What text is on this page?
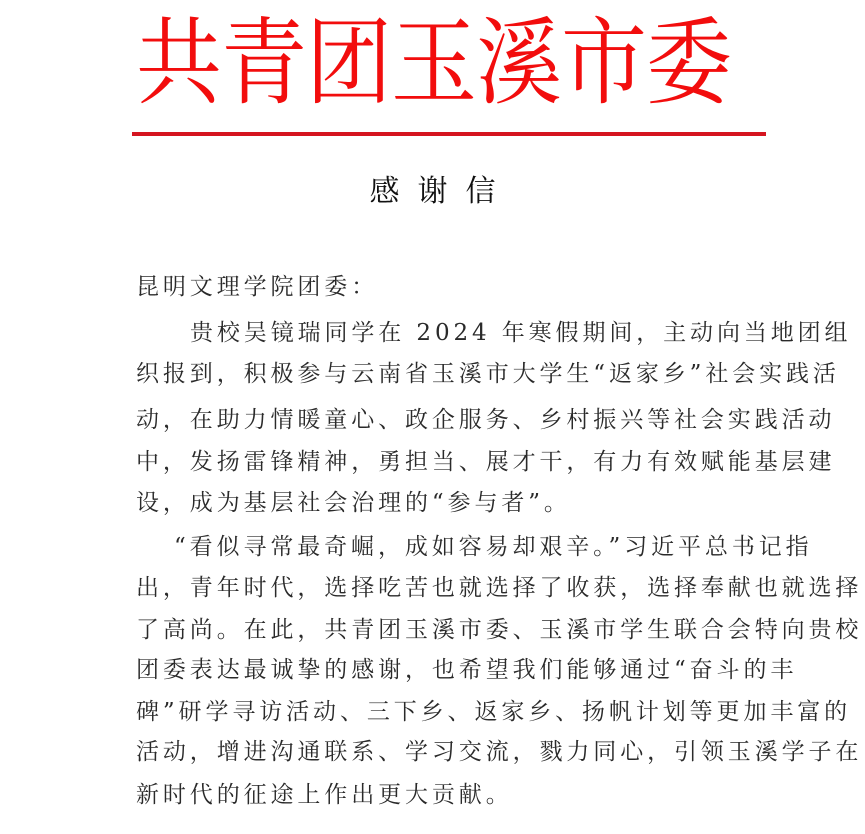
共青团玉溪市委
感谢信
昆明文理学院团委：
贵校吴镜瑞同学在 2024 年寒假期间，主动向当地团组
织报到，积极参与云南省玉溪市大学生“返家乡”社会实践活
动，在助力情暖童心、政企服务、乡村振兴等社会实践活动
中，发扬雷锋精神，勇担当、展才干，有力有效赋能基层建
设，成为基层社会治理的“参与者”。
“看似寻常最奇崛，成如容易却艰辛。”习近平总书记指
出，青年时代，选择吃苦也就选择了收获，选择奉献也就选择
了高尚。在此，共青团玉溪市委、玉溪市学生联合会特向贵校
团委表达最诚挚的感谢，也希望我们能够通过“奋斗的丰
碑”研学寻访活动、三下乡、返家乡、扬帆计划等更加丰富的
活动，增进沟通联系、学习交流，戮力同心，引领玉溪学子在
新时代的征途上作出更大贡献。
